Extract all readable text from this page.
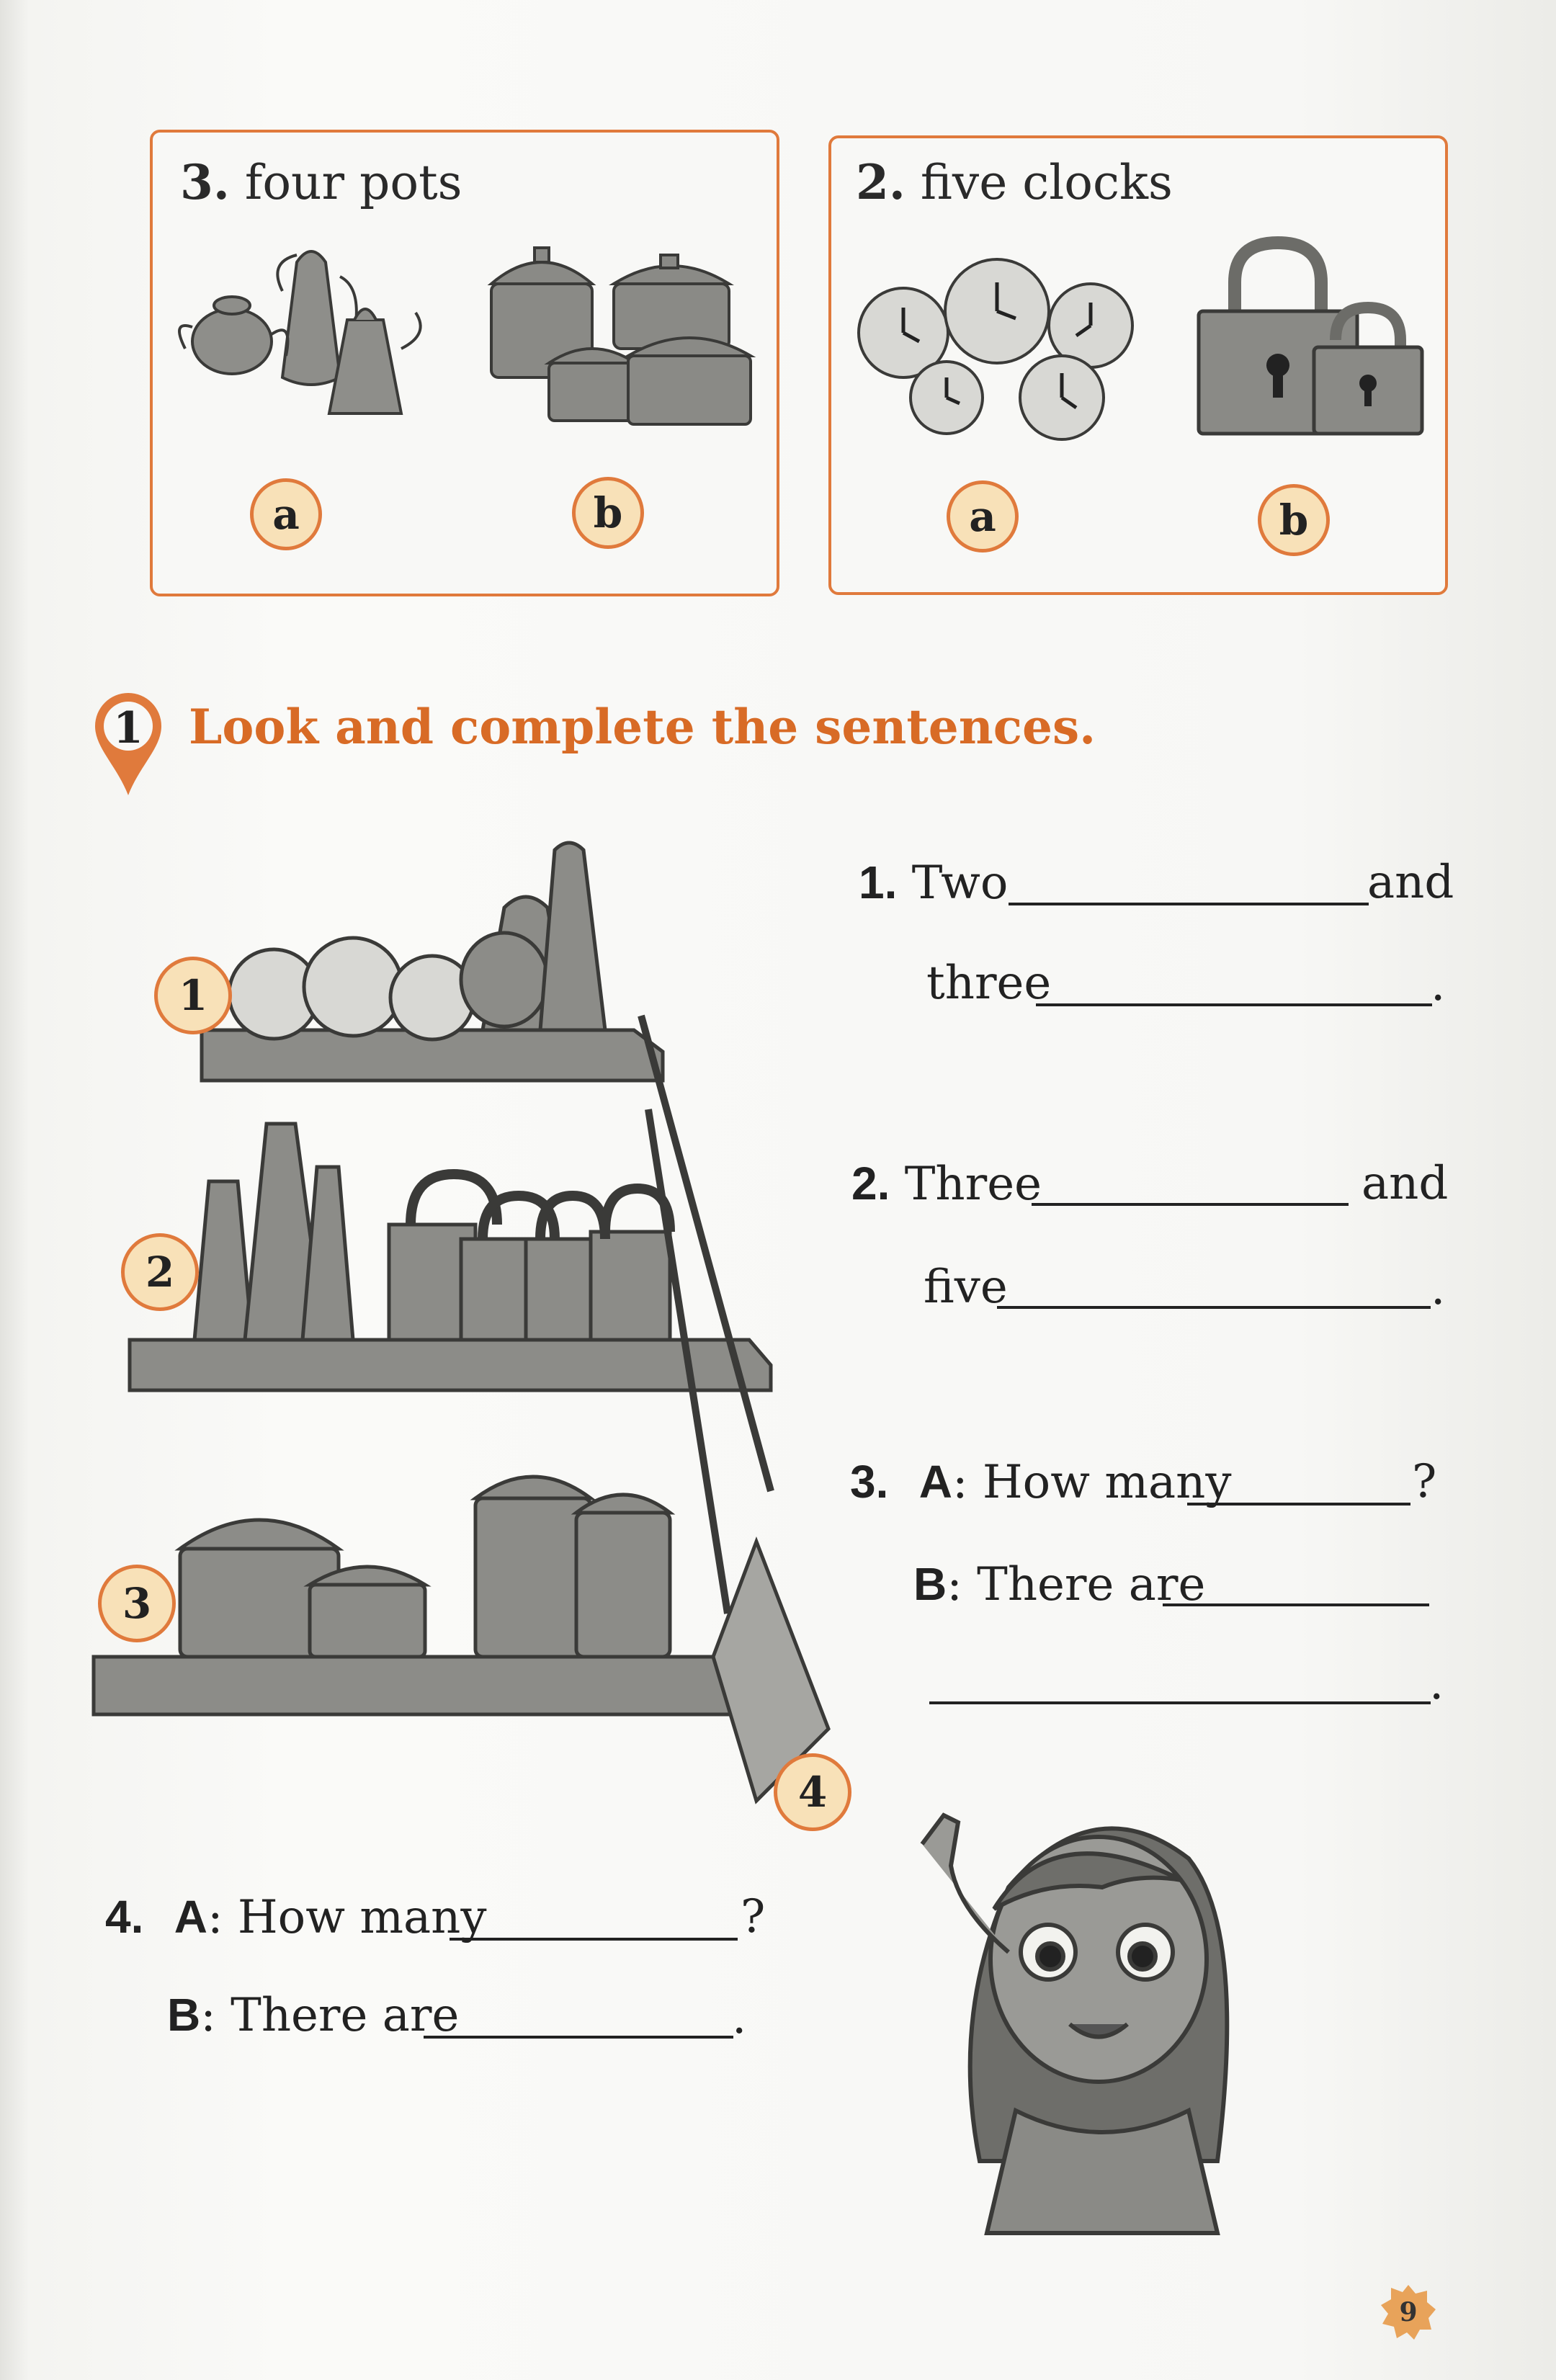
3. four pots
a	b
2. five clocks
a	b
1 Look and complete the sentences.
1
2
3
4
1. Two	and
three	.
2. Three	and
five	.
3. A: How many	?
B: There are
.
4. A: How many	?
B: There are	.
9
